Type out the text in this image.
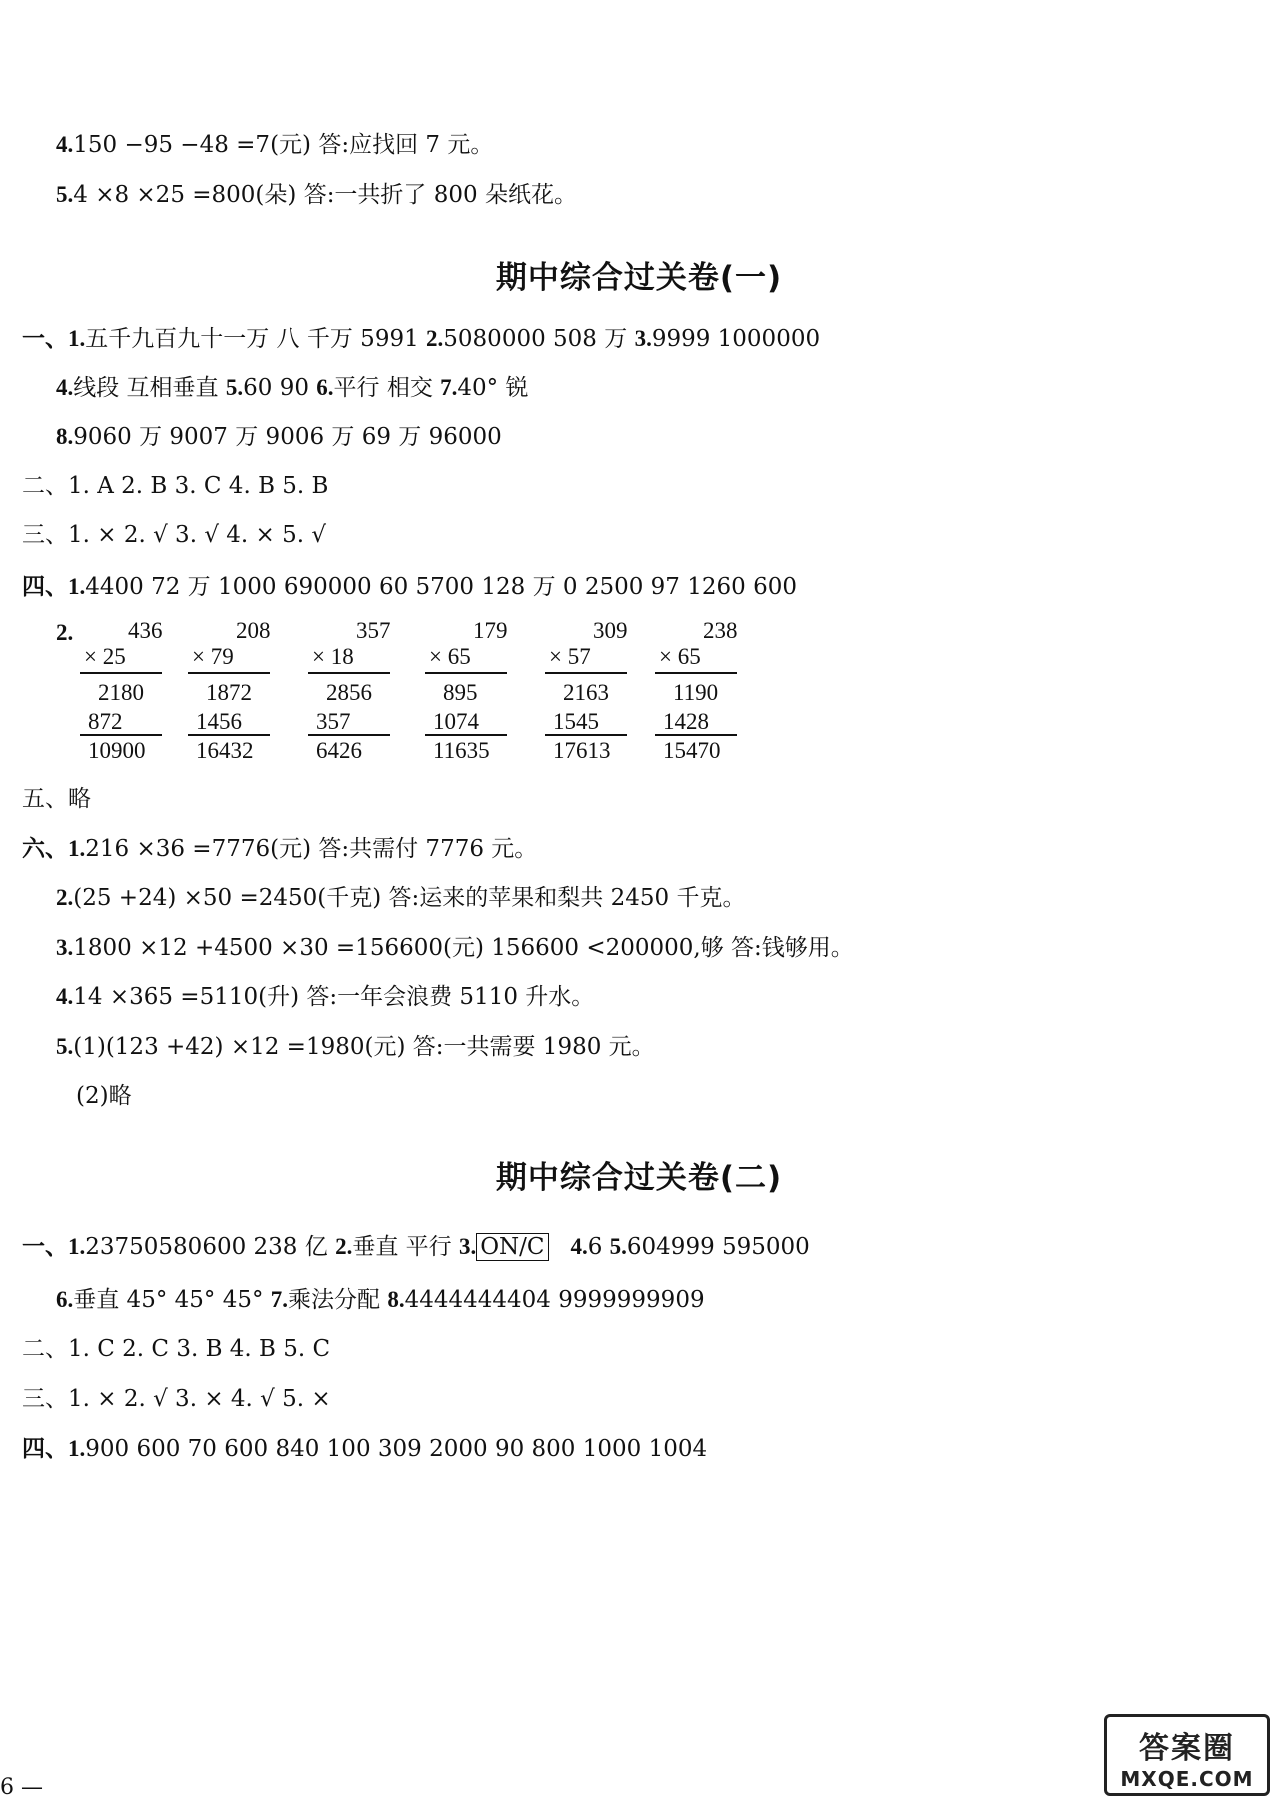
4.150 −95 −48 =7(元) 答:应找回 7 元。
5.4 ×8 ×25 =800(朵) 答:一共折了 800 朵纸花。
期中综合过关卷(一)
一、1.五千九百九十一万 八 千万 5991 2.5080000 508 万 3.9999 1000000
4.线段 互相垂直 5.60 90 6.平行 相交 7.40° 锐
8.9060 万 9007 万 9006 万 69 万 96000
二、1. A 2. B 3. C 4. B 5. B
三、1. × 2. √ 3. √ 4. × 5. √
四、1.4400 72 万 1000 690000 60 5700 128 万 0 2500 97 1260 600
2. 436
× 25
2180
872
10900
208
× 79
1872
1456
16432
357
× 18
2856
357
6426
179
× 65
895
1074
11635
309
× 57
2163
1545
17613
238
× 65
1190
1428
15470
五、略
六、1.216 ×36 =7776(元) 答:共需付 7776 元。
2.(25 +24) ×50 =2450(千克) 答:运来的苹果和梨共 2450 千克。
3.1800 ×12 +4500 ×30 =156600(元) 156600 <200000,够 答:钱够用。
4.14 ×365 =5110(升) 答:一年会浪费 5110 升水。
5.(1)(123 +42) ×12 =1980(元) 答:一共需要 1980 元。
(2)略
期中综合过关卷(二)
一、1.23750580600 238 亿 2.垂直 平行 3. ON/C 4.6 5.604999 595000
6.垂直 45° 45° 45° 7.乘法分配 8.4444444404 9999999909
二、1. C 2. C 3. B 4. B 5. C
三、1. × 2. √ 3. × 4. √ 5. ×
四、1.900 600 70 600 840 100 309 2000 90 800 1000 1004
6 —
答案圈
MXQE.COM
